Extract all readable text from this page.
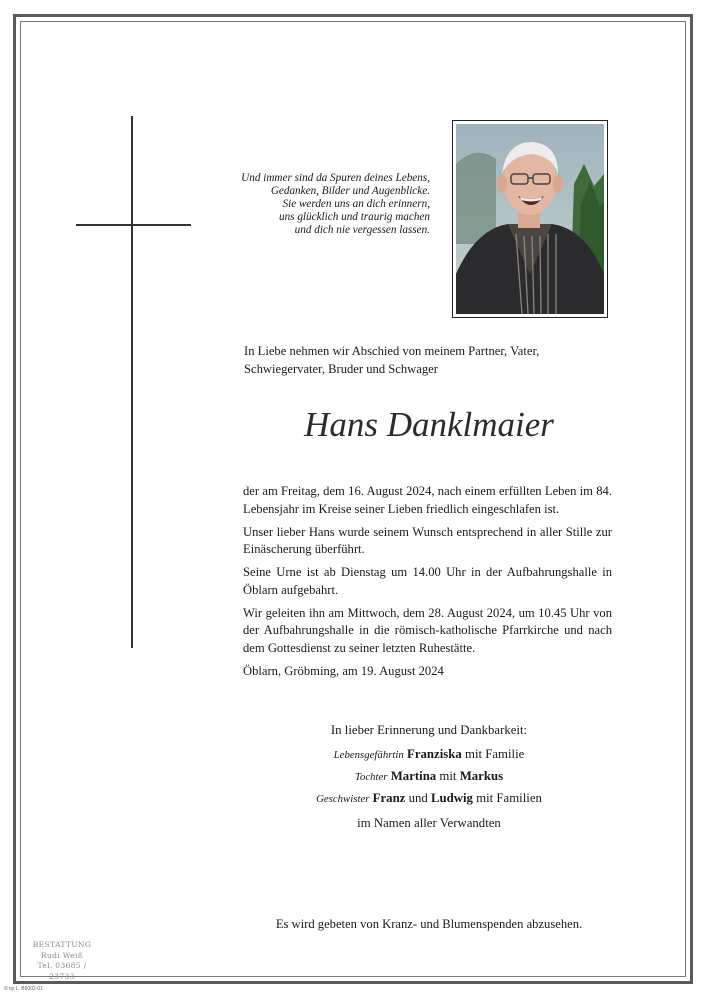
Und immer sind da Spuren deines Lebens,
Gedanken, Bilder und Augenblicke.
Sie werden uns an dich erinnern,
uns glücklich und traurig machen
und dich nie vergessen lassen.
In Liebe nehmen wir Abschied von meinem Partner, Vater, Schwiegervater, Bruder und Schwager
Hans Danklmaier

der am Freitag, dem 16. August 2024, nach einem erfüllten Leben im 84. Lebensjahr im Kreise seiner Lieben friedlich eingeschlafen ist.

Unser lieber Hans wurde seinem Wunsch entsprechend in aller Stille zur Einäscherung überführt.

Seine Urne ist ab Dienstag um 14.00 Uhr in der Aufbahrungshalle in Öblarn aufgebahrt.

Wir geleiten ihn am Mittwoch, dem 28. August 2024, um 10.45 Uhr von der Aufbahrungshalle in die römisch-katholische Pfarrkirche und nach dem Gottesdienst zu seiner letzten Ruhestätte.

Öblarn, Gröbming, am 19. August 2024

In lieber Erinnerung und Dankbarkeit:
Lebensgefährtin Franziska mit Familie
Tochter Martina mit Markus
Geschwister Franz und Ludwig mit Familien
im Namen aller Verwandten
Es wird gebeten von Kranz- und Blumenspenden abzusehen.
BESTATTUNG
Rudi Weiß
Tel. 03685 / 23733
© by L. B6002-01
